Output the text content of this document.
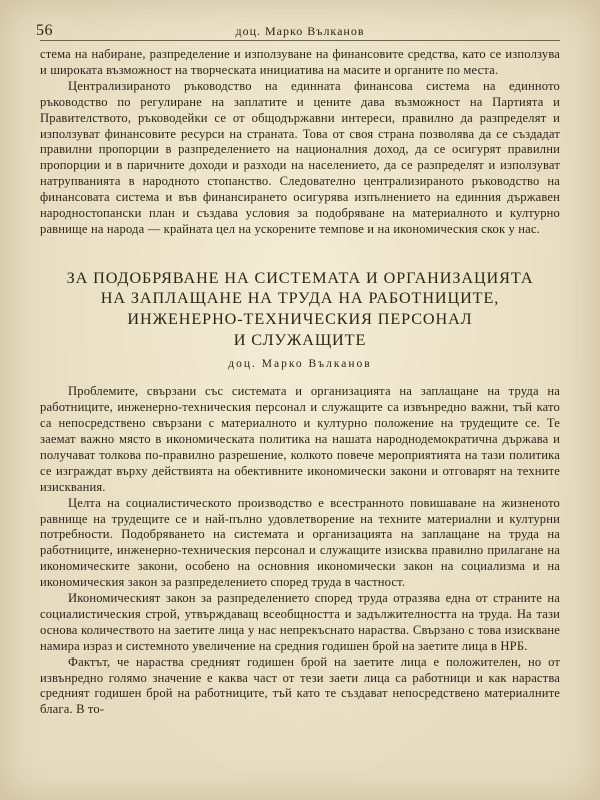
56	доц. Марко Вълканов

стема на набиране, разпределение и използуване на финансовите средства, като се използува и широката възможност на творческата инициатива на масите и органите по места.

Централизираното ръководство на единната финансова система на единното ръководство по регулиране на заплатите и цените дава възможност на Партията и Правителството, ръководейки се от общодържавни интереси, правилно да разпределят и използуват финансовите ресурси на страната. Това от своя страна позволява да се създадат правилни пропорции в разпределението на националния доход, да се осигурят правилни пропорции и в паричните доходи и разходи на населението, да се разпределят и използуват натрупванията в народното стопанство. Следователно централизираното ръководство на финансовата система и във финансирането осигурява изпълнението на единния държавен народностопански план и създава условия за подобряване на материалното и културно равнище на народа — крайната цел на ускорените темпове и на икономическия скок у нас.

ЗА ПОДОБРЯВАНЕ НА СИСТЕМАТА И ОРГАНИЗАЦИЯТА
НА ЗАПЛАЩАНЕ НА ТРУДА НА РАБОТНИЦИТЕ,
ИНЖЕНЕРНО-ТЕХНИЧЕСКИЯ ПЕРСОНАЛ
И СЛУЖАЩИТЕ
доц. Марко Вълканов

Проблемите, свързани със системата и организацията на заплащане на труда на работниците, инженерно-техническия персонал и служащите са извънредно важни, тъй като са непосредствено свързани с материалното и културно положение на трудещите се. Те заемат важно място в икономическата политика на нашата народнодемократична държава и получават толкова по-правилно разрешение, колкото повече мероприятията на тази политика се изграждат върху действията на обективните икономически закони и отговарят на техните изисквания.

Целта на социалистическото производство е всестранното повишаване на жизненото равнище на трудещите се и най-пълно удовлетворение на техните материални и културни потребности. Подобряването на системата и организацията на заплащане на труда на работниците, инженерно-техническия персонал и служащите изисква правилно прилагане на икономическите закони, особено на основния икономически закон на социализма и на икономическия закон за разпределението според труда в частност.

Икономическият закон за разпределението според труда отразява една от страните на социалистическия строй, утвърждаващ всеобщността и задължителността на труда. На тази основа количеството на заетите лица у нас непрекъснато нараства. Свързано с това изискване намира израз и системното увеличение на средния годишен брой на заетите лица в НРБ.

Фактът, че нараства средният годишен брой на заетите лица е положителен, но от извънредно голямо значение е каква част от тези заети лица са работници и как нараства средният годишен брой на работниците, тъй като те създават непосредствено материалните блага. В то-
